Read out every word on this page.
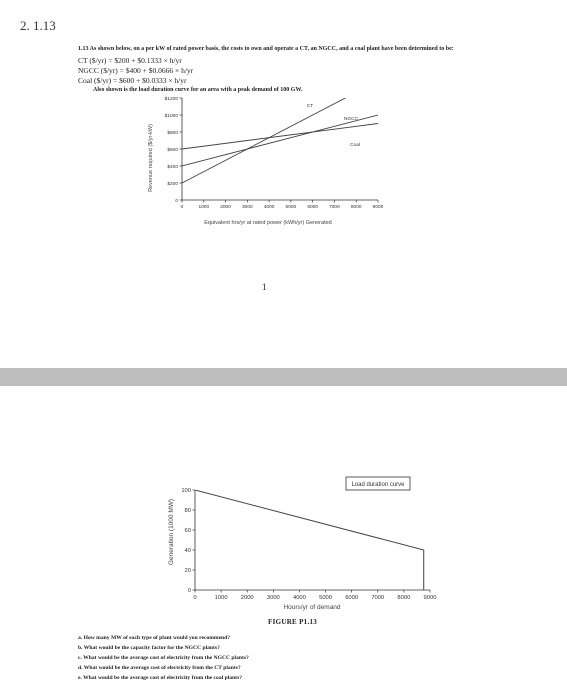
2. 1.13
1.13 As shown below, on a per kW of rated power basis, the costs to own and operate a CT, an NGCC, and a coal plant have been determined to be:
CT ($/yr) = $200 + $0.1333 × h/yr
NGCC ($/yr) = $400 + $0.0666 × h/yr
Coal ($/yr) = $600 + $0.0333 × h/yr
Also shown is the load duration curve for an area with a peak demand of 100 GW.
Revenue required ($/yr-kW)
0
$200
$400
$600
$800
$1000
$1200
0	1000 2000 3000 4000 5000 6000 7000 8000 9000
CT
NGCC
Coal
Equivalent hrs/yr at rated power (kWh/yr) Generated
1
Generation (1000 MW)
0
20
40
60
80
100
0	1000 2000 3000 4000 5000 6000 7000 8000 9000
Load duration curve
Hours/yr of demand
FIGURE P1.13
a. How many MW of each type of plant would you recommend?
b. What would be the capacity factor for the NGCC plants?
c. What would be the average cost of electricity from the NGCC plants?
d. What would be the average cost of electricity from the CT plants?
e. What would be the average cost of electricity from the coal plants?
